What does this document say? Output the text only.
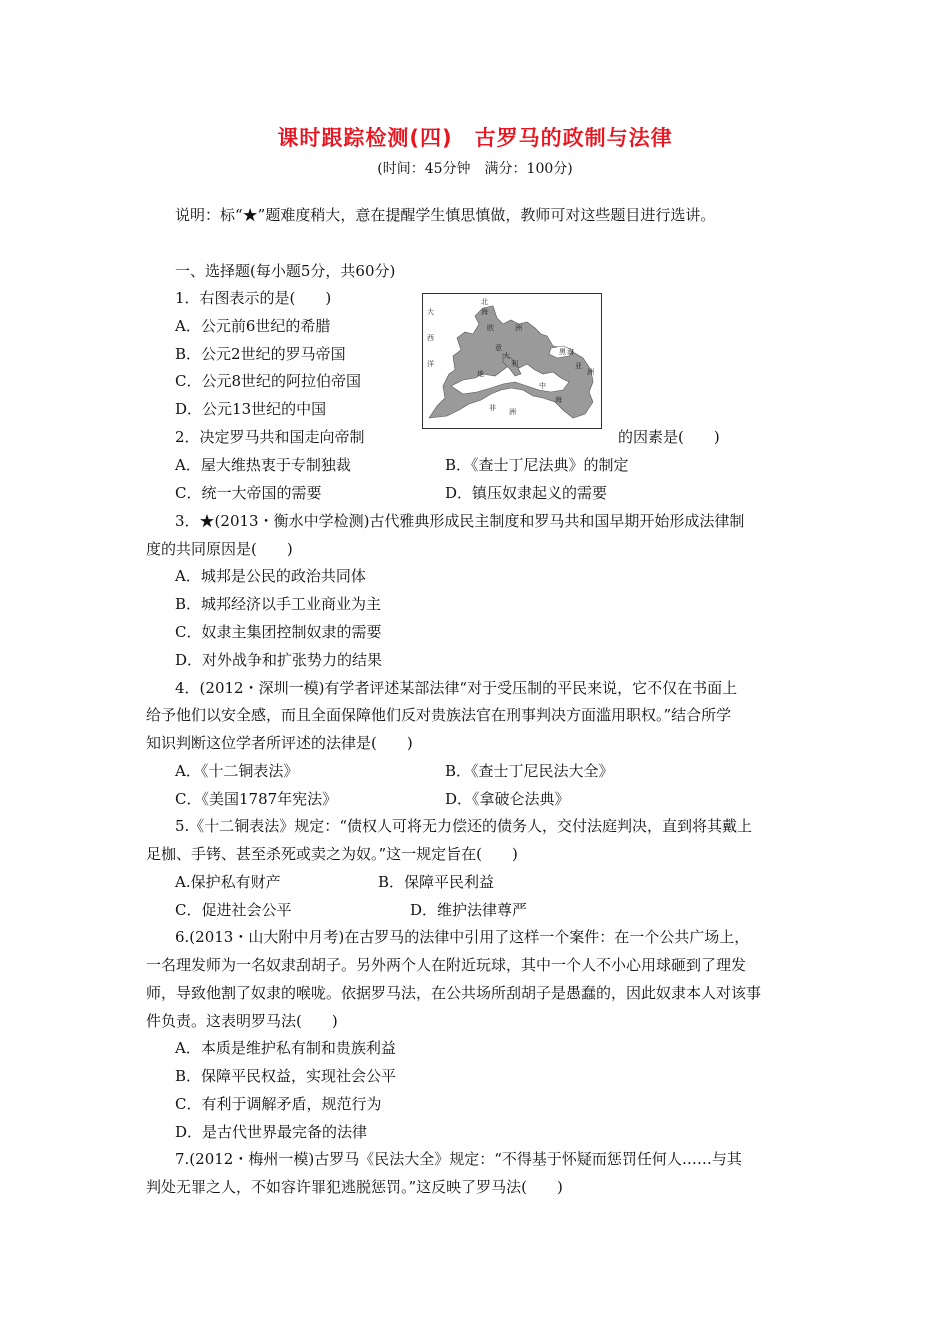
课时跟踪检测(四)　古罗马的政制与法律
(时间：45分钟　满分：100分)
说明：标“★”题难度稍大，意在提醒学生慎思慎做，教师可对这些题目进行选讲。
一、选择题(每小题5分，共60分)
1．右图表示的是(　　)
A．公元前6世纪的希腊
B．公元2世纪的罗马帝国
C．公元8世纪的阿拉伯帝国
D．公元13世纪的中国
大
西
洋
北
海
欧	洲
黑 海
亚
洲
地
中
海
非 洲
意
大
利
2．决定罗马共和国走向帝制	的因素是(　　)
A．屋大维热衷于专制独裁	B．《查士丁尼法典》的制定
C．统一大帝国的需要	D．镇压奴隶起义的需要
3．★(2013・衡水中学检测)古代雅典形成民主制度和罗马共和国早期开始形成法律制
度的共同原因是(　　)
A．城邦是公民的政治共同体
B．城邦经济以手工业商业为主
C．奴隶主集团控制奴隶的需要
D．对外战争和扩张势力的结果
4．(2012・深圳一模)有学者评述某部法律“对于受压制的平民来说，它不仅在书面上
给予他们以安全感，而且全面保障他们反对贵族法官在刑事判决方面滥用职权。”结合所学
知识判断这位学者所评述的法律是(　　)
A．《十二铜表法》	B．《查士丁尼民法大全》
C．《美国1787年宪法》	D．《拿破仑法典》
5.《十二铜表法》规定：“债权人可将无力偿还的债务人，交付法庭判决，直到将其戴上
足枷、手铐、甚至杀死或卖之为奴。”这一规定旨在(　　)
A.保护私有财产	B．保障平民利益
C．促进社会公平	D．维护法律尊严
6.(2013・山大附中月考)在古罗马的法律中引用了这样一个案件：在一个公共广场上，
一名理发师为一名奴隶刮胡子。另外两个人在附近玩球，其中一个人不小心用球砸到了理发
师，导致他割了奴隶的喉咙。依据罗马法，在公共场所刮胡子是愚蠢的，因此奴隶本人对该事
件负责。这表明罗马法(　　)
A．本质是维护私有制和贵族利益
B．保障平民权益，实现社会公平
C．有利于调解矛盾，规范行为
D．是古代世界最完备的法律
7.(2012・梅州一模)古罗马《民法大全》规定：“不得基于怀疑而惩罚任何人……与其
判处无罪之人，不如容许罪犯逃脱惩罚。”这反映了罗马法(　　)
